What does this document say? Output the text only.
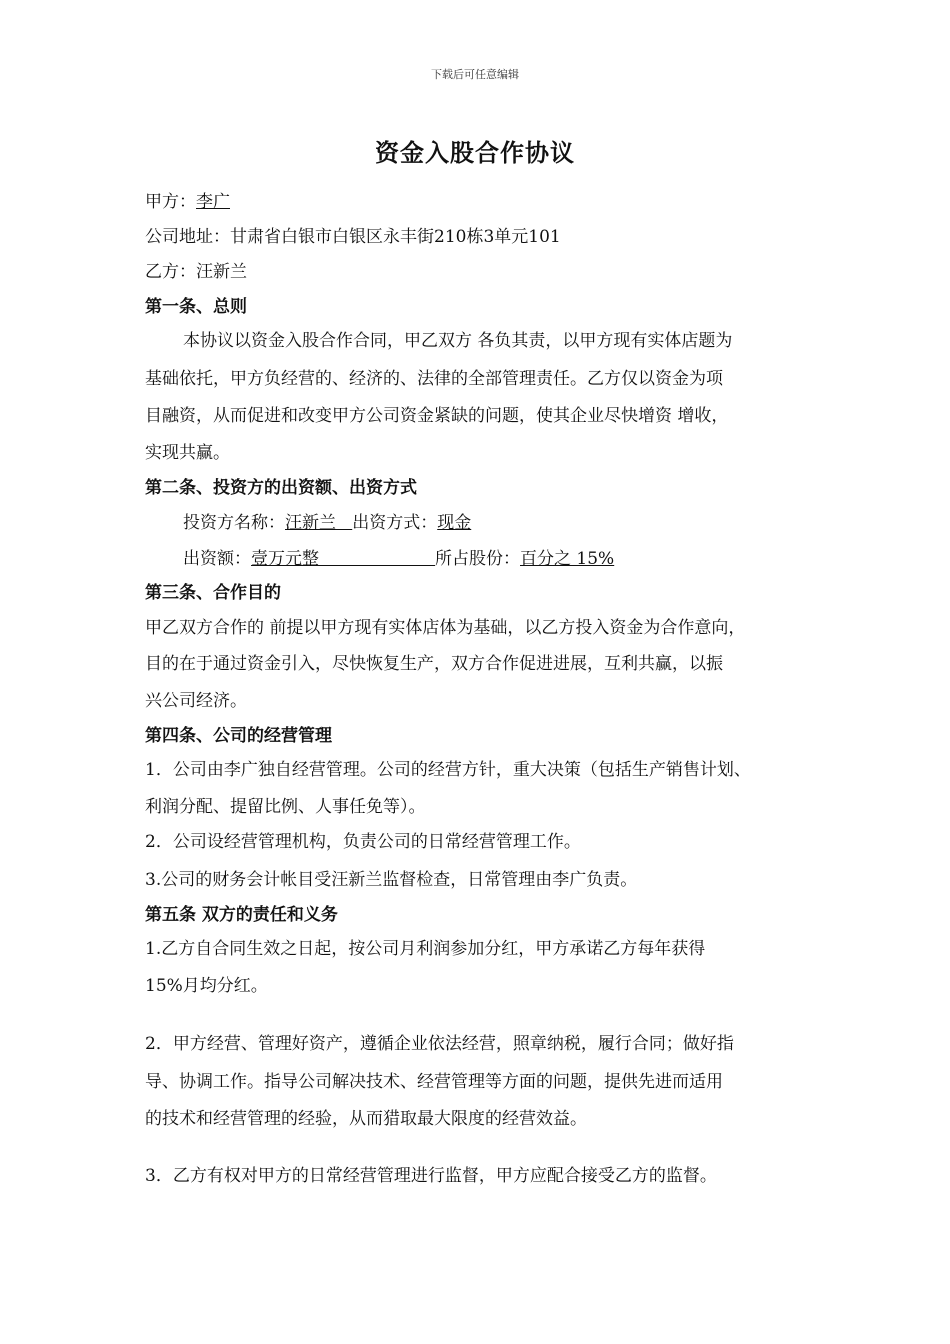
下载后可任意编辑
资金入股合作协议
甲方：李广
公司地址：甘肃省白银市白银区永丰街210栋3单元101
乙方：汪新兰
第一条、总则
本协议以资金入股合作合同，甲乙双方 各负其责，以甲方现有实体店题为
基础依托，甲方负经营的、经济的、法律的全部管理责任。乙方仅以资金为项
目融资，从而促进和改变甲方公司资金紧缺的问题，使其企业尽快增资 增收，
实现共赢。
第二条、投资方的出资额、出资方式
投资方名称：汪新兰 出资方式：现金
出资额：壹万元整	所占股份：百分之 15%
第三条、合作目的
甲乙双方合作的 前提以甲方现有实体店体为基础，以乙方投入资金为合作意向，
目的在于通过资金引入，尽快恢复生产，双方合作促进进展，互利共赢，以振
兴公司经济。
第四条、公司的经营管理
1．公司由李广独自经营管理。公司的经营方针，重大决策（包括生产销售计划、
利润分配、提留比例、人事任免等）。
2．公司设经营管理机构，负责公司的日常经营管理工作。
3.公司的财务会计帐目受汪新兰监督检查，日常管理由李广负责。
第五条 双方的责任和义务
1.乙方自合同生效之日起，按公司月利润参加分红，甲方承诺乙方每年获得
15%月均分红。
2．甲方经营、管理好资产，遵循企业依法经营，照章纳税，履行合同；做好指
导、协调工作。指导公司解决技术、经营管理等方面的问题，提供先进而适用
的技术和经营管理的经验，从而猎取最大限度的经营效益。
3．乙方有权对甲方的日常经营管理进行监督，甲方应配合接受乙方的监督。
